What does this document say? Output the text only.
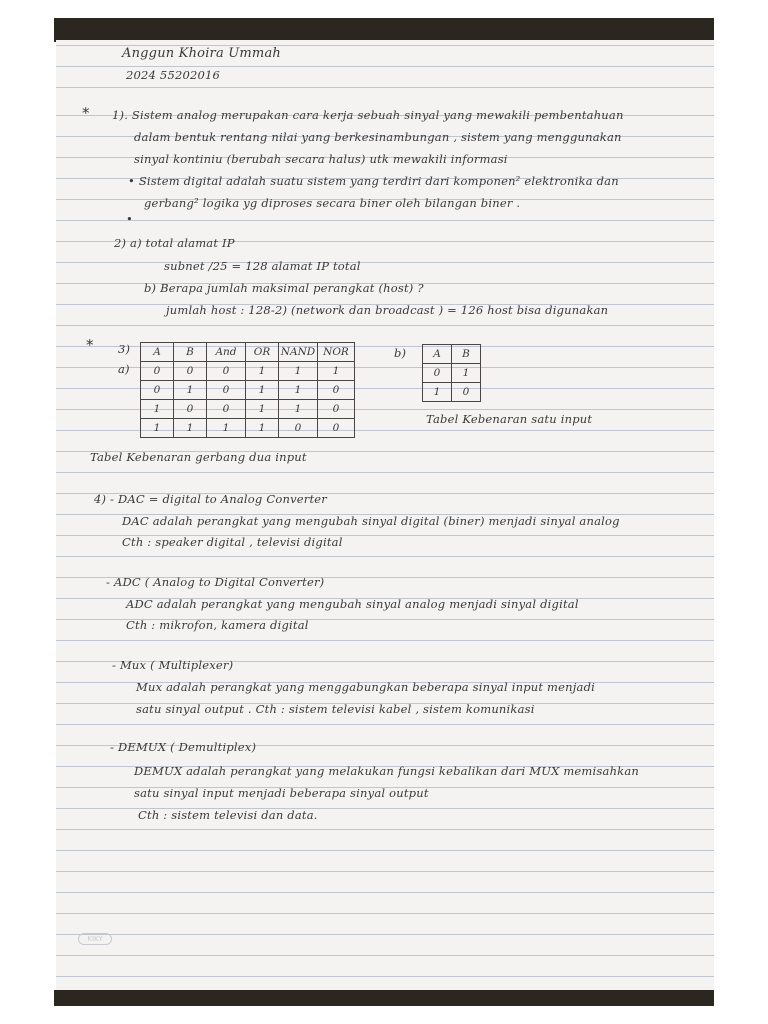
Anggun Khoira Ummah
2024 55202016
* 1). Sistem analog merupakan cara kerja sebuah sinyal yang mewakili pembentahuan
dalam bentuk rentang nilai yang berkesinambungan , sistem yang menggunakan
sinyal kontiniu (berubah secara halus) utk mewakili informasi
• Sistem digital adalah suatu sistem yang terdiri dari komponen² elektronika dan
gerbang² logika yg diproses secara biner oleh bilangan biner .
•
2) a) total alamat IP
subnet /25 = 128 alamat IP total
b) Berapa jumlah maksimal perangkat (host) ?
jumlah host : 128-2) (network dan broadcast ) = 126 host bisa digunakan
* 3)
a)
b)
A	B	And	OR	NAND	NOR
0	0	0	1	1	1
0	1	0	1	1	0
1	0	0	1	1	0
1	1	1	1	0	0
A	B
0	1
1	0
Tabel Kebenaran satu input
Tabel Kebenaran gerbang dua input
4) - DAC = digital to Analog Converter
DAC adalah perangkat yang mengubah sinyal digital (biner) menjadi sinyal analog
Cth : speaker digital , televisi digital
- ADC ( Analog to Digital Converter)
ADC adalah perangkat yang mengubah sinyal analog menjadi sinyal digital
Cth : mikrofon, kamera digital
- Mux ( Multiplexer)
Mux adalah perangkat yang menggabungkan beberapa sinyal input menjadi
satu sinyal output . Cth : sistem televisi kabel , sistem komunikasi
- DEMUX ( Demultiplex)
DEMUX adalah perangkat yang melakukan fungsi kebalikan dari MUX memisahkan
satu sinyal input menjadi beberapa sinyal output
Cth : sistem televisi dan data.
KIKY
